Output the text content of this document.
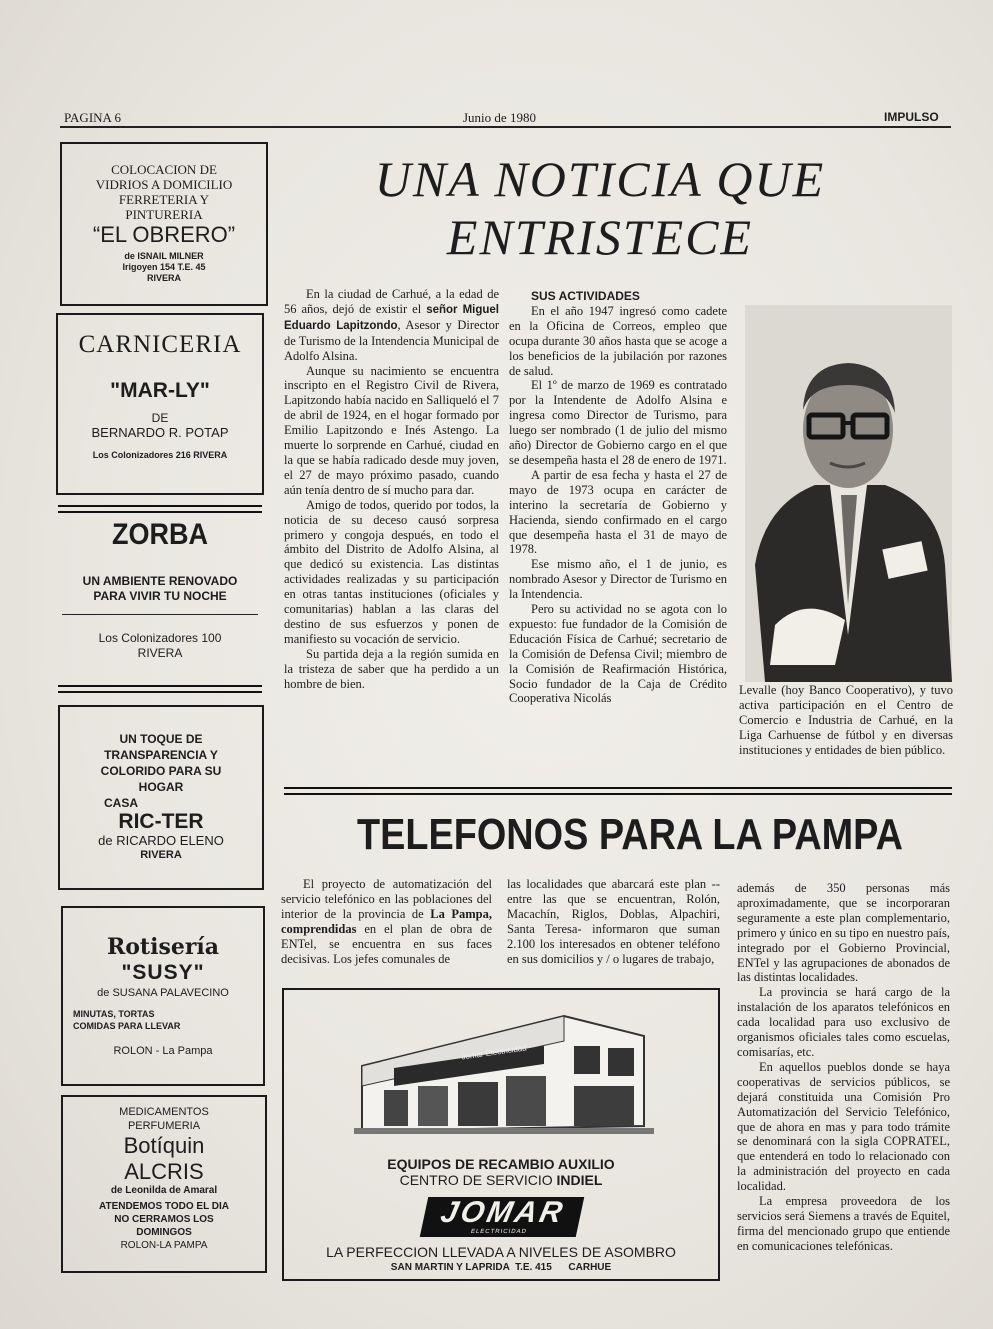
PAGINA 6	Junio de 1980	IMPULSO
COLOCACION DE
VIDRIOS A DOMICILIO
FERRETERIA Y
PINTURERIA
“EL OBRERO”
de ISNAIL MILNER
Irigoyen 154 T.E. 45
RIVERA
CARNICERIA
"MAR-LY"
DE
BERNARDO R. POTAP
Los Colonizadores 216 RIVERA
ZORBA
UN AMBIENTE RENOVADO
PARA VIVIR TU NOCHE
Los Colonizadores 100
RIVERA
UN TOQUE DE
TRANSPARENCIA Y
COLORIDO PARA SU
HOGAR
CASA
RIC-TER
de RICARDO ELENO
RIVERA
Rotisería
"SUSY"
de SUSANA PALAVECINO
MINUTAS, TORTAS
COMIDAS PARA LLEVAR
ROLON - La Pampa
MEDICAMENTOS
PERFUMERIA
Botíquin
ALCRIS
de Leonilda de Amaral
ATENDEMOS TODO EL DIA
NO CERRAMOS LOS
DOMINGOS
ROLON-LA PAMPA
UNA NOTICIA QUE
ENTRISTECE

En la ciudad de Carhué, a la edad de 56 años, dejó de existir el señor Miguel Eduardo Lapitzondo, Asesor y Director de Turismo de la Intendencia Municipal de Adolfo Alsina.

Aunque su nacimiento se encuentra inscripto en el Registro Civil de Rivera, Lapitzondo había nacido en Salliqueló el 7 de abril de 1924, en el hogar formado por Emilio Lapitzondo e Inés Astengo. La muerte lo sorprende en Carhué, ciudad en la que se había radicado desde muy joven, el 27 de mayo próximo pasado, cuando aún tenía dentro de sí mucho para dar.

Amigo de todos, querido por todos, la noticia de su deceso causó sorpresa primero y congoja después, en todo el ámbito del Distrito de Adolfo Alsina, al que dedicó su existencia. Las distintas actividades realizadas y su participación en otras tantas instituciones (oficiales y comunitarias) hablan a las claras del destino de sus esfuerzos y ponen de manifiesto su vocación de servicio.

Su partida deja a la región sumida en la tristeza de saber que ha perdido a un hombre de bien.

SUS ACTIVIDADES

En el año 1947 ingresó como cadete en la Oficina de Correos, empleo que ocupa durante 30 años hasta que se acoge a los beneficios de la jubilación por razones de salud.

El 1º de marzo de 1969 es contratado por la Intendente de Adolfo Alsina e ingresa como Director de Turismo, para luego ser nombrado (1 de julio del mismo año) Director de Gobierno cargo en el que se desempeña hasta el 28 de enero de 1971.

A partir de esa fecha y hasta el 27 de mayo de 1973 ocupa en carácter de interino la secretaría de Gobierno y Hacienda, siendo confirmado en el cargo que desempeña hasta el 31 de mayo de 1978.

Ese mismo año, el 1 de junio, es nombrado Asesor y Director de Turismo en la Intendencia.

Pero su actividad no se agota con lo expuesto: fue fundador de la Comisión de Educación Física de Carhué; secretario de la Comisión de Defensa Civil; miembro de la Comisión de Reafirmación Histórica, Socio fundador de la Caja de Crédito Cooperativa Nicolás

Levalle (hoy Banco Cooperativo), y tuvo activa participación en el Centro de Comercio e Industria de Carhué, en la Liga Carhuense de fútbol y en diversas instituciones y entidades de bien público.

TELEFONOS PARA LA PAMPA

El proyecto de automatización del servicio telefónico en las poblaciones del interior de la provincia de La Pampa, comprendidas en el plan de obra de ENTel, se encuentra en sus faces decisivas. Los jefes comunales de

las localidades que abarcará este plan --entre las que se encuentran, Rolón, Macachín, Riglos, Doblas, Alpachiri, Santa Teresa- informaron que suman 2.100 los interesados en obtener teléfono en sus domicilios y / o lugares de trabajo,

además de 350 personas más aproximadamente, que se incorporaran seguramente a este plan complementario, primero y único en su tipo en nuestro país, integrado por el Gobierno Provincial, ENTel y las agrupaciones de abonados de las distintas localidades.

La provincia se hará cargo de la instalación de los aparatos telefónicos en cada localidad para uso exclusivo de organismos oficiales tales como escuelas, comisarías, etc.

En aquellos pueblos donde se haya cooperativas de servicios públicos, se dejará constituida una Comisión Pro Automatización del Servicio Telefónico, que de ahora en mas y para todo trámite se denominará con la sigla COPRATEL, que entenderá en todo lo relacionado con la administración del proyecto en cada localidad.

La empresa proveedora de los servicios será Siemens a través de Equitel, firma del mencionado grupo que entiende en comunicaciones telefónicas.

Jomar Electricidad
EQUIPOS DE RECAMBIO AUXILIO
CENTRO DE SERVICIO INDIEL
JOMAR
ELECTRICIDAD
LA PERFECCION LLEVADA A NIVELES DE ASOMBRO
SAN MARTIN Y LAPRIDA  T.E. 415      CARHUE
